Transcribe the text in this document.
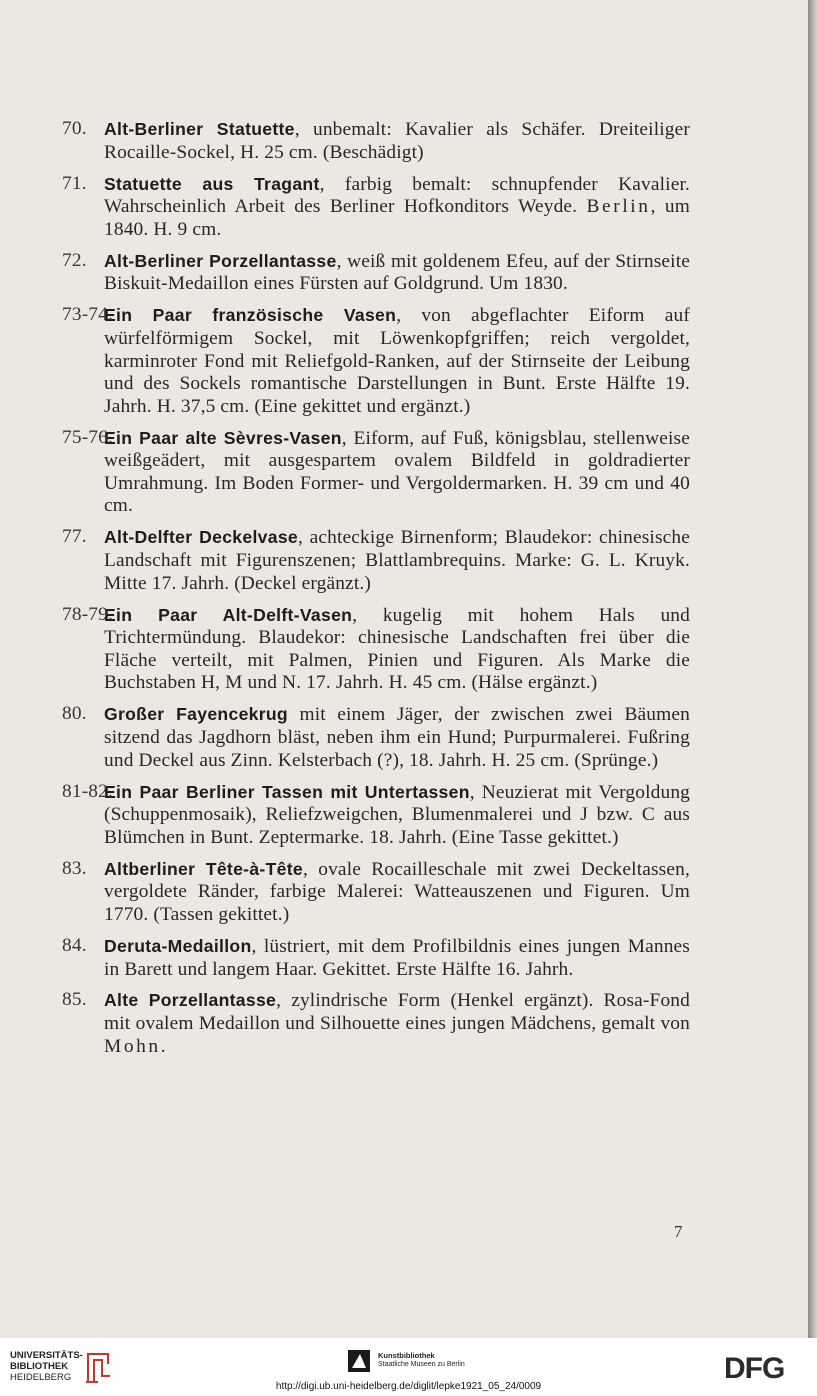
70. Alt-Berliner Statuette, unbemalt: Kavalier als Schäfer. Dreiteiliger Rocaille-Sockel, H. 25 cm. (Beschädigt)
71. Statuette aus Tragant, farbig bemalt: schnupfender Kavalier. Wahrscheinlich Arbeit des Berliner Hofkonditors Weyde. Berlin, um 1840. H. 9 cm.
72. Alt-Berliner Porzellantasse, weiß mit goldenem Efeu, auf der Stirnseite Biskuit-Medaillon eines Fürsten auf Goldgrund. Um 1830.
73-74.
Ein Paar französische Vasen, von abgeflachter Eiform auf würfelförmigem Sockel, mit Löwenkopfgriffen; reich vergoldet, karminroter Fond mit Reliefgold-Ranken, auf der Stirnseite der Leibung und des Sockels romantische Darstellungen in Bunt. Erste Hälfte 19. Jahrh. H. 37,5 cm. (Eine gekittet und ergänzt.)
75-76.
Ein Paar alte Sèvres-Vasen, Eiform, auf Fuß, königsblau, stellenweise weißgeädert, mit ausgespartem ovalem Bildfeld in goldradierter Umrahmung. Im Boden Former- und Vergoldermarken. H. 39 cm und 40 cm.
77. Alt-Delfter Deckelvase, achteckige Birnenform; Blaudekor: chinesische Landschaft mit Figurenszenen; Blattlambrequins. Marke: G. L. Kruyk. Mitte 17. Jahrh. (Deckel ergänzt.)
78-79.
Ein Paar Alt-Delft-Vasen, kugelig mit hohem Hals und Trichtermündung. Blaudekor: chinesische Landschaften frei über die Fläche verteilt, mit Palmen, Pinien und Figuren. Als Marke die Buchstaben H, M und N. 17. Jahrh. H. 45 cm. (Hälse ergänzt.)
80. Großer Fayencekrug mit einem Jäger, der zwischen zwei Bäumen sitzend das Jagdhorn bläst, neben ihm ein Hund; Purpurmalerei. Fußring und Deckel aus Zinn. Kelsterbach (?), 18. Jahrh. H. 25 cm. (Sprünge.)
81-82.
Ein Paar Berliner Tassen mit Untertassen, Neuzierat mit Vergoldung (Schuppenmosaik), Reliefzweigchen, Blumenmalerei und J bzw. C aus Blümchen in Bunt. Zeptermarke. 18. Jahrh. (Eine Tasse gekittet.)
83. Altberliner Tête-à-Tête, ovale Rocailleschale mit zwei Deckeltassen, vergoldete Ränder, farbige Malerei: Watteauszenen und Figuren. Um 1770. (Tassen gekittet.)
84. Deruta-Medaillon, lüstriert, mit dem Profilbildnis eines jungen Mannes in Barett und langem Haar. Gekittet. Erste Hälfte 16. Jahrh.
85. Alte Porzellantasse, zylindrische Form (Henkel ergänzt). Rosa-Fond mit ovalem Medaillon und Silhouette eines jungen Mädchens, gemalt von Mohn.
7
UNIVERSITÄTS-
BIBLIOTHEK
HEIDELBERG
Kunstbibliothek
Staatliche Museen zu Berlin	DFG
http://digi.ub.uni-heidelberg.de/diglit/lepke1921_05_24/0009
